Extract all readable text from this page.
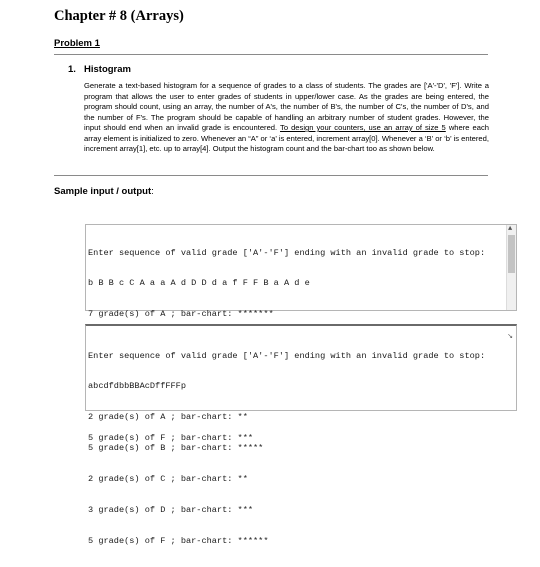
Chapter # 8 (Arrays)
Problem 1
1. Histogram
Generate a text-based histogram for a sequence of grades to a class of students. The grades are ['A'-'D', 'F']. Write a program that allows the user to enter grades of students in upper/lower case. As the grades are being entered, the program should count, using an array, the number of A's, the number of B's, the number of C's, the number of D's, and the number of F's. The program should be capable of handling an arbitrary number of student grades. However, the input should end when an invalid grade is encountered. To design your counters, use an array of size 5 where each array element is initialized to zero. Whenever an “A” or ‘a’ is entered, increment array[0]. Whenever a ‘B’ or ‘b’ is entered, increment array[1], etc. up to array[4]. Output the histogram count and the bar-chart too as shown below.
Sample input / output:

Enter sequence of valid grade ['A'-'F'] ending with an invalid grade to stop:

b B B c C A a a A d D D d a f F F B a A d e

7 grade(s) of A ; bar-chart: *******

5 grade(s) of F ; bar-chart: ***

▲

Enter sequence of valid grade ['A'-'F'] ending with an invalid grade to stop:

abcdfdbbBBAcDffFFFp

2 grade(s) of A ; bar-chart: **

5 grade(s) of B ; bar-chart: *****

2 grade(s) of C ; bar-chart: **

3 grade(s) of D ; bar-chart: ***

5 grade(s) of F ; bar-chart: ******

↘
